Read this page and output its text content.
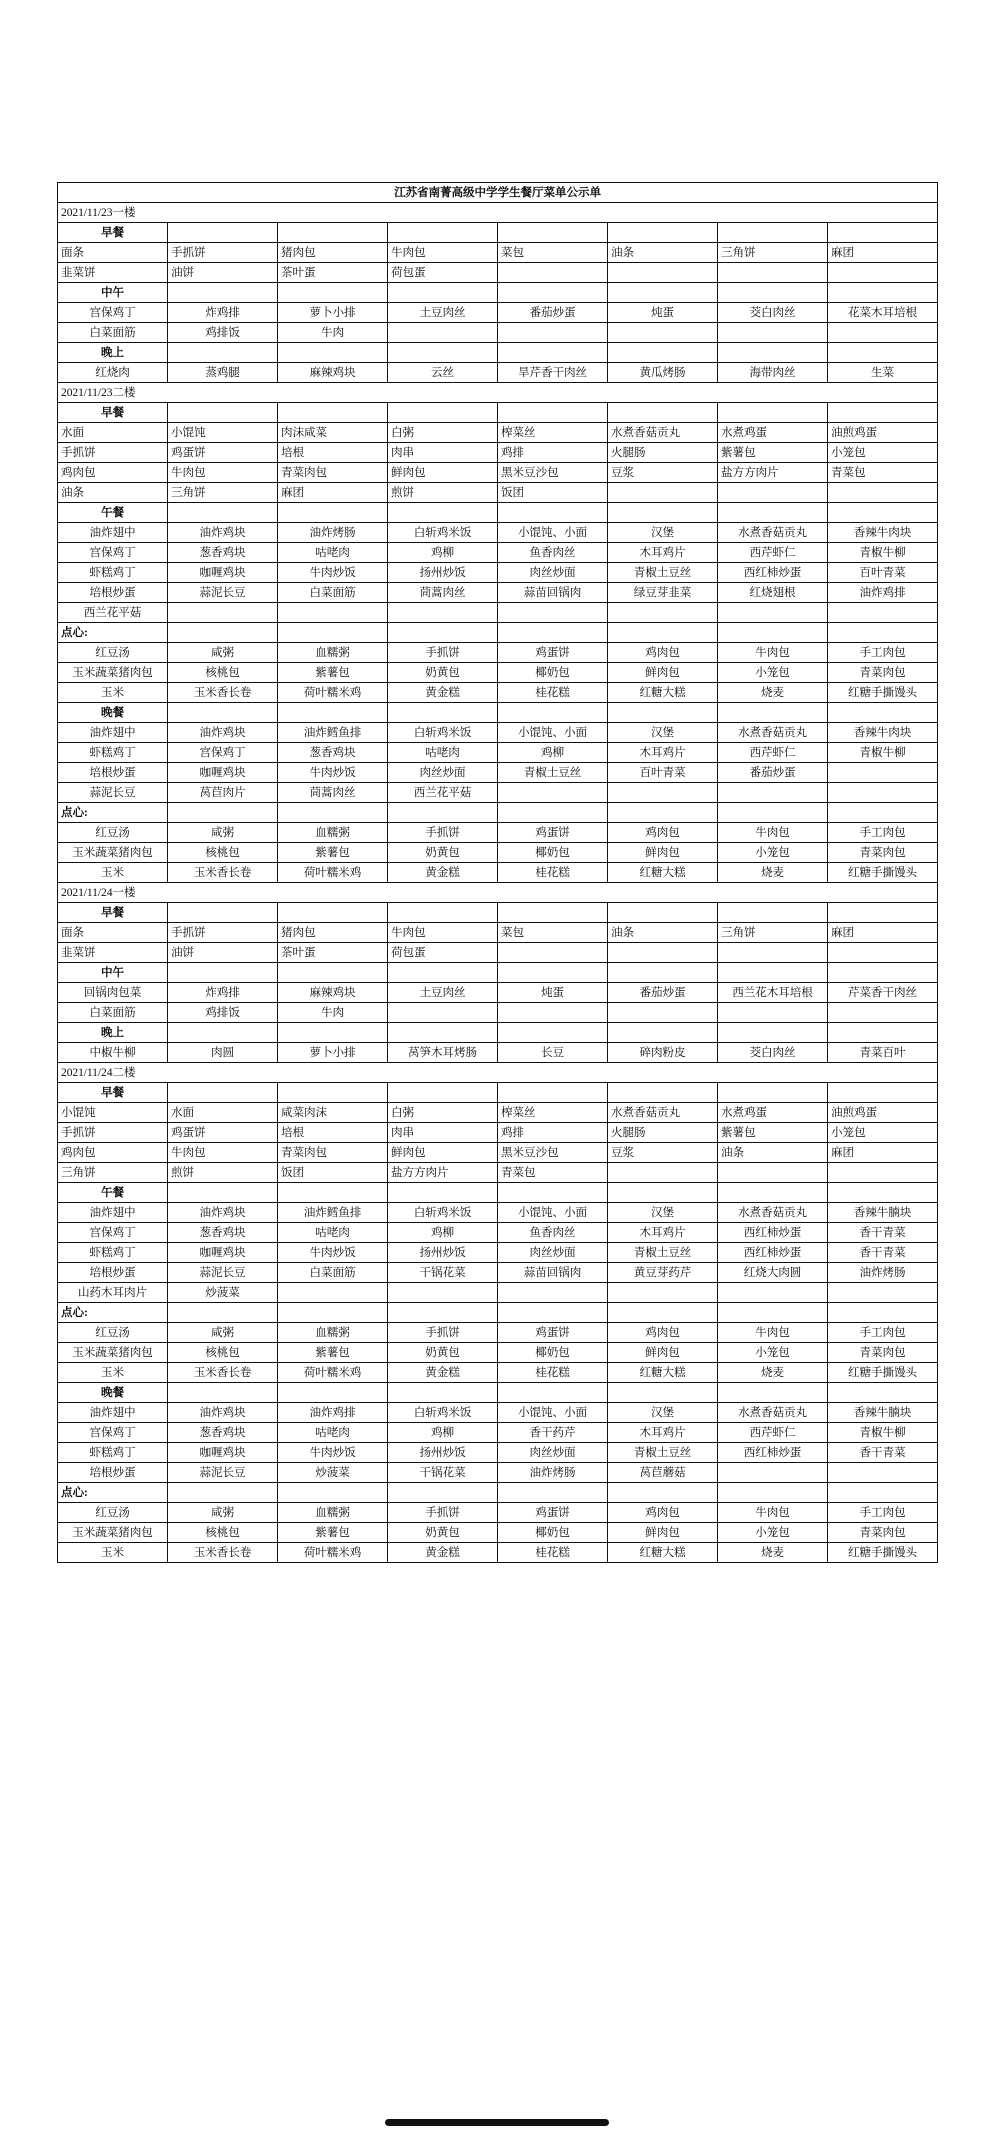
江苏省南菁高级中学学生餐厅菜单公示单							
2021/11/23一楼							
早餐							
面条	手抓饼	猪肉包	牛肉包	菜包	油条	三角饼	麻团
韭菜饼	油饼	茶叶蛋	荷包蛋				
中午							
宫保鸡丁	炸鸡排	萝卜小排	土豆肉丝	番茄炒蛋	炖蛋	茭白肉丝	花菜木耳培根
白菜面筋	鸡排饭	牛肉					
晚上							
红烧肉	蒸鸡腿	麻辣鸡块	云丝	旱芹香干肉丝	黄瓜烤肠	海带肉丝	生菜
2021/11/23二楼							
早餐							
水面	小馄饨	肉沫咸菜	白粥	榨菜丝	水煮香菇贡丸	水煮鸡蛋	油煎鸡蛋
手抓饼	鸡蛋饼	培根	肉串	鸡排	火腿肠	紫薯包	小笼包
鸡肉包	牛肉包	青菜肉包	鲜肉包	黑米豆沙包	豆浆	盐方方肉片	青菜包
油条	三角饼	麻团	煎饼	饭团			
午餐							
油炸翅中	油炸鸡块	油炸烤肠	白斩鸡米饭	小馄饨、小面	汉堡	水煮香菇贡丸	香辣牛肉块
宫保鸡丁	葱香鸡块	咕咾肉	鸡柳	鱼香肉丝	木耳鸡片	西芹虾仁	青椒牛柳
虾糕鸡丁	咖喱鸡块	牛肉炒饭	扬州炒饭	肉丝炒面	青椒土豆丝	西红柿炒蛋	百叶青菜
培根炒蛋	蒜泥长豆	白菜面筋	茼蒿肉丝	蒜苗回锅肉	绿豆芽韭菜	红烧翅根	油炸鸡排
西兰花平菇							
点心:							
红豆汤	咸粥	血糯粥	手抓饼	鸡蛋饼	鸡肉包	牛肉包	手工肉包
玉米蔬菜猪肉包	核桃包	紫薯包	奶黄包	椰奶包	鲜肉包	小笼包	青菜肉包
玉米	玉米香长卷	荷叶糯米鸡	黄金糕	桂花糕	红糖大糕	烧麦	红糖手撕馒头
晚餐							
油炸翅中	油炸鸡块	油炸鳕鱼排	白斩鸡米饭	小馄饨、小面	汉堡	水煮香菇贡丸	香辣牛肉块
虾糕鸡丁	宫保鸡丁	葱香鸡块	咕咾肉	鸡柳	木耳鸡片	西芹虾仁	青椒牛柳
培根炒蛋	咖喱鸡块	牛肉炒饭	肉丝炒面	青椒土豆丝	百叶青菜	番茄炒蛋	
蒜泥长豆	莴苣肉片	茼蒿肉丝	西兰花平菇				
点心:							
红豆汤	咸粥	血糯粥	手抓饼	鸡蛋饼	鸡肉包	牛肉包	手工肉包
玉米蔬菜猪肉包	核桃包	紫薯包	奶黄包	椰奶包	鲜肉包	小笼包	青菜肉包
玉米	玉米香长卷	荷叶糯米鸡	黄金糕	桂花糕	红糖大糕	烧麦	红糖手撕馒头
2021/11/24一楼							
早餐							
面条	手抓饼	猪肉包	牛肉包	菜包	油条	三角饼	麻团
韭菜饼	油饼	茶叶蛋	荷包蛋				
中午							
回锅肉包菜	炸鸡排	麻辣鸡块	土豆肉丝	炖蛋	番茄炒蛋	西兰花木耳培根	芹菜香干肉丝
白菜面筋	鸡排饭	牛肉					
晚上							
中椒牛柳	肉圆	萝卜小排	莴笋木耳烤肠	长豆	碎肉粉皮	茭白肉丝	青菜百叶
2021/11/24二楼							
早餐							
小馄饨	水面	咸菜肉沫	白粥	榨菜丝	水煮香菇贡丸	水煮鸡蛋	油煎鸡蛋
手抓饼	鸡蛋饼	培根	肉串	鸡排	火腿肠	紫薯包	小笼包
鸡肉包	牛肉包	青菜肉包	鲜肉包	黑米豆沙包	豆浆	油条	麻团
三角饼	煎饼	饭团	盐方方肉片	青菜包			
午餐							
油炸翅中	油炸鸡块	油炸鳕鱼排	白斩鸡米饭	小馄饨、小面	汉堡	水煮香菇贡丸	香辣牛腩块
宫保鸡丁	葱香鸡块	咕咾肉	鸡柳	鱼香肉丝	木耳鸡片	西红柿炒蛋	香干青菜
虾糕鸡丁	咖喱鸡块	牛肉炒饭	扬州炒饭	肉丝炒面	青椒土豆丝	西红柿炒蛋	香干青菜
培根炒蛋	蒜泥长豆	白菜面筋	干锅花菜	蒜苗回锅肉	黄豆芽药芹	红烧大肉圆	油炸烤肠
山药木耳肉片	炒菠菜						
点心:							
红豆汤	咸粥	血糯粥	手抓饼	鸡蛋饼	鸡肉包	牛肉包	手工肉包
玉米蔬菜猪肉包	核桃包	紫薯包	奶黄包	椰奶包	鲜肉包	小笼包	青菜肉包
玉米	玉米香长卷	荷叶糯米鸡	黄金糕	桂花糕	红糖大糕	烧麦	红糖手撕馒头
晚餐							
油炸翅中	油炸鸡块	油炸鸡排	白斩鸡米饭	小馄饨、小面	汉堡	水煮香菇贡丸	香辣牛腩块
宫保鸡丁	葱香鸡块	咕咾肉	鸡柳	香干药芹	木耳鸡片	西芹虾仁	青椒牛柳
虾糕鸡丁	咖喱鸡块	牛肉炒饭	扬州炒饭	肉丝炒面	青椒土豆丝	西红柿炒蛋	香干青菜
培根炒蛋	蒜泥长豆	炒菠菜	干锅花菜	油炸烤肠	莴苣蘑菇		
点心:							
红豆汤	咸粥	血糯粥	手抓饼	鸡蛋饼	鸡肉包	牛肉包	手工肉包
玉米蔬菜猪肉包	核桃包	紫薯包	奶黄包	椰奶包	鲜肉包	小笼包	青菜肉包
玉米	玉米香长卷	荷叶糯米鸡	黄金糕	桂花糕	红糖大糕	烧麦	红糖手撕馒头
